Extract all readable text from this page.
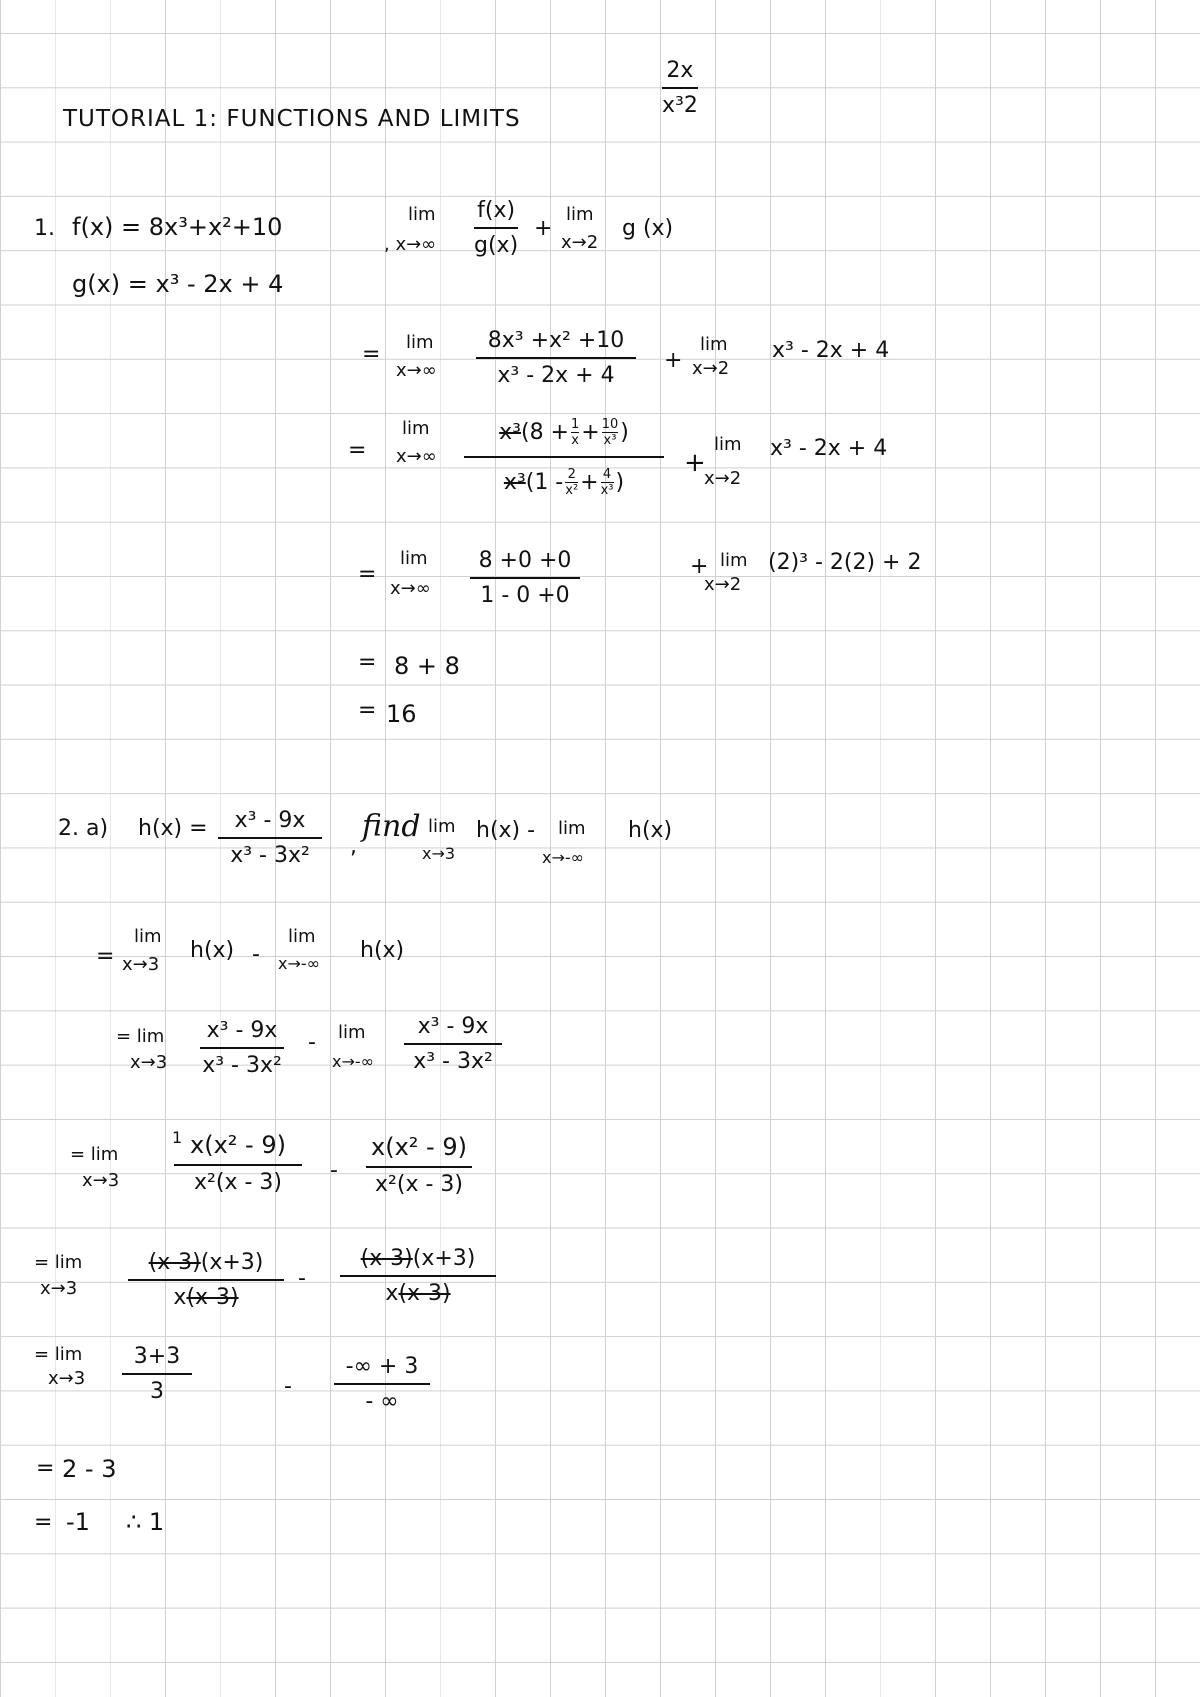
TUTORIAL 1: FUNCTIONS AND LIMITS
2x
x³2
1. f(x) = 8x³+x²+10
g(x) = x³ - 2x + 4
lim
, x→∞
f(x)
g(x)
+
lim
x→2
g (x)
= lim
x→∞
8x³ +x² +10
x³ - 2x + 4
+
lim
x→2
x³ - 2x + 4
=
lim
x→∞
x³ (8 + 1
x + 10
x³ )
x³ (1 - 2
x² + 4
x³ )
+
lim
x→2
x³ - 2x + 4
=
lim
x→∞
8 +0 +0
1 - 0 +0
+ lim
x→2
(2)³ - 2(2) + 2
= 8 + 8
= 16
2. a) h(x) = x³ - 9x
x³ - 3x² ,
find lim
x→3
h(x) - lim
x→-∞
h(x)
=
lim
x→3
h(x) -
lim
x→-∞
h(x)
= lim
x→3
x³ - 9x
x³ - 3x²
- lim
x→-∞
x³ - 9x
x³ - 3x²
= lim
x→3
1 x(x² - 9)
x²(x - 3) -
x(x² - 9)
x²(x - 3)
= lim
x→3
(x-3)(x+3)
x(x-3)
-
(x-3)(x+3)
x(x-3)
= lim
x→3
3+3
3	-
-∞ + 3
- ∞
= 2 - 3
= -1 ∴ 1
